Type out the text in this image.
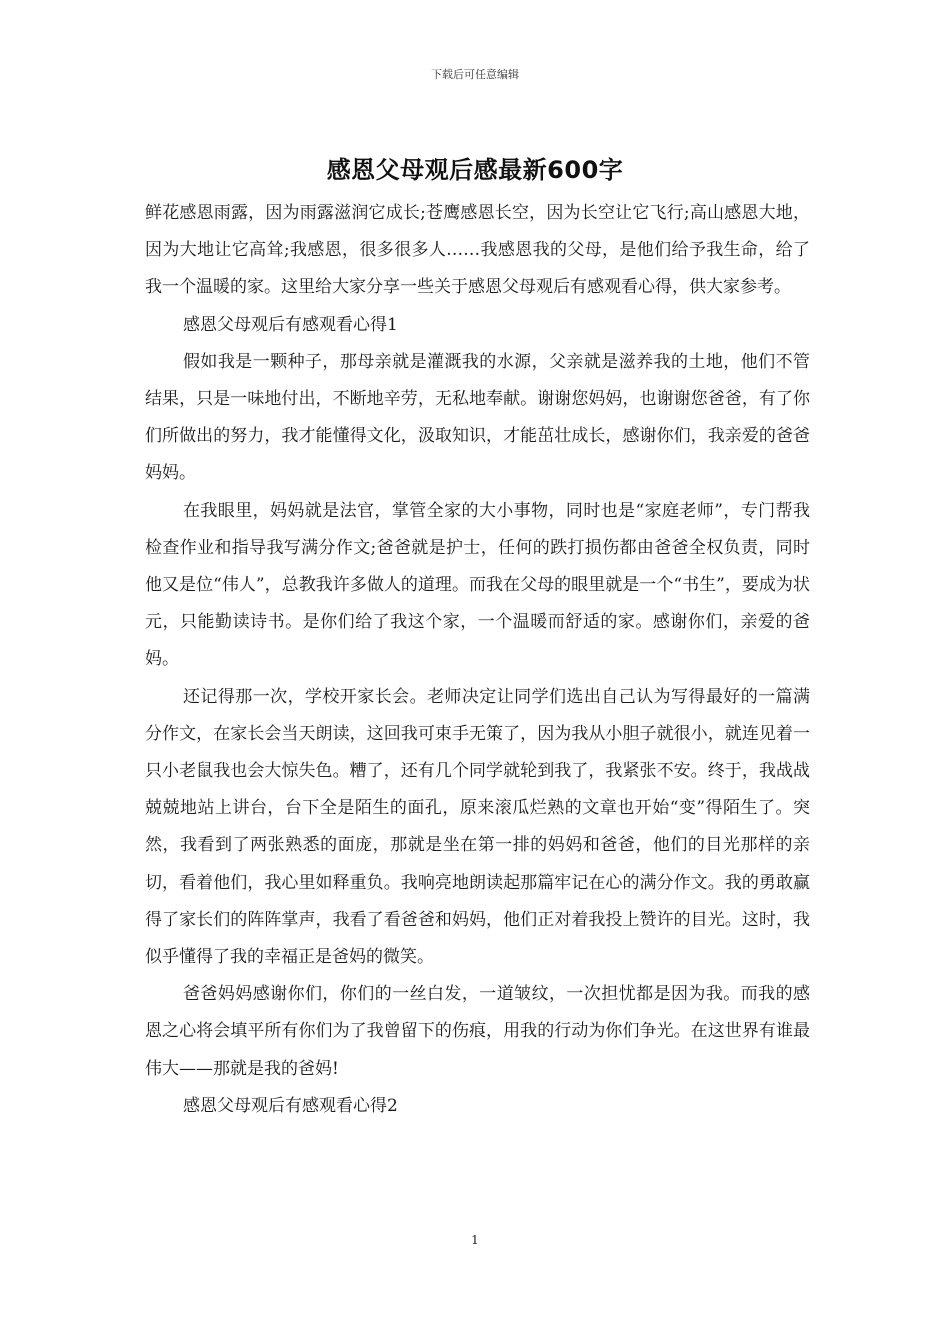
下载后可任意编辑
感恩父母观后感最新600字

鲜花感恩雨露，因为雨露滋润它成长;苍鹰感恩长空，因为长空让它飞行;高山感恩大地，因为大地让它高耸;我感恩，很多很多人……我感恩我的父母，是他们给予我生命，给了我一个温暖的家。这里给大家分享一些关于感恩父母观后有感观看心得，供大家参考。

感恩父母观后有感观看心得1

假如我是一颗种子，那母亲就是灌溉我的水源，父亲就是滋养我的土地，他们不管结果，只是一味地付出，不断地辛劳，无私地奉献。谢谢您妈妈，也谢谢您爸爸，有了你们所做出的努力，我才能懂得文化，汲取知识，才能茁壮成长，感谢你们，我亲爱的爸爸妈妈。

在我眼里，妈妈就是法官，掌管全家的大小事物，同时也是“家庭老师”，专门帮我检查作业和指导我写满分作文;爸爸就是护士，任何的跌打损伤都由爸爸全权负责，同时他又是位“伟人”，总教我许多做人的道理。而我在父母的眼里就是一个“书生”，要成为状元，只能勤读诗书。是你们给了我这个家，一个温暖而舒适的家。感谢你们，亲爱的爸妈。

还记得那一次，学校开家长会。老师决定让同学们选出自己认为写得最好的一篇满分作文，在家长会当天朗读，这回我可束手无策了，因为我从小胆子就很小，就连见着一只小老鼠我也会大惊失色。糟了，还有几个同学就轮到我了，我紧张不安。终于，我战战兢兢地站上讲台，台下全是陌生的面孔，原来滚瓜烂熟的文章也开始“变”得陌生了。突然，我看到了两张熟悉的面庞，那就是坐在第一排的妈妈和爸爸，他们的目光那样的亲切，看着他们，我心里如释重负。我响亮地朗读起那篇牢记在心的满分作文。我的勇敢赢得了家长们的阵阵掌声，我看了看爸爸和妈妈，他们正对着我投上赞许的目光。这时，我似乎懂得了我的幸福正是爸妈的微笑。

爸爸妈妈感谢你们，你们的一丝白发，一道皱纹，一次担忧都是因为我。而我的感恩之心将会填平所有你们为了我曾留下的伤痕，用我的行动为你们争光。在这世界有谁最伟大——那就是我的爸妈!

感恩父母观后有感观看心得2

1
